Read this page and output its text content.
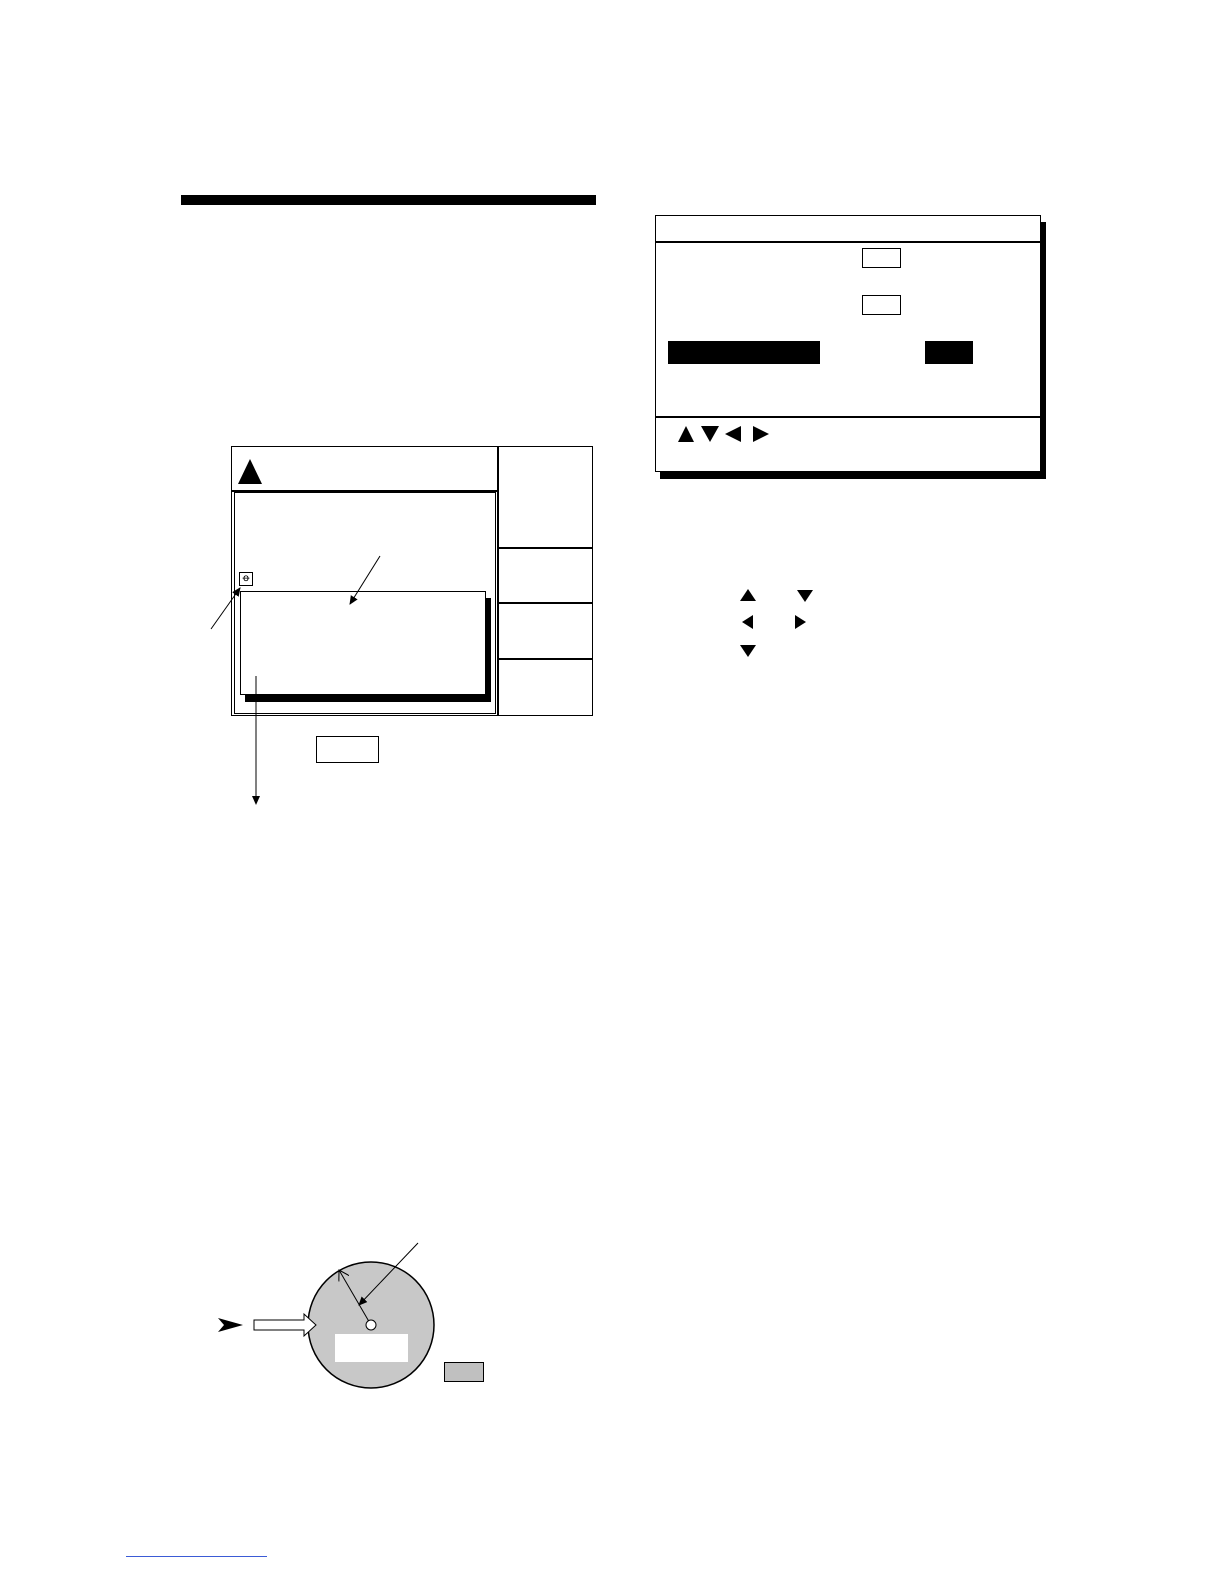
ꝋ
